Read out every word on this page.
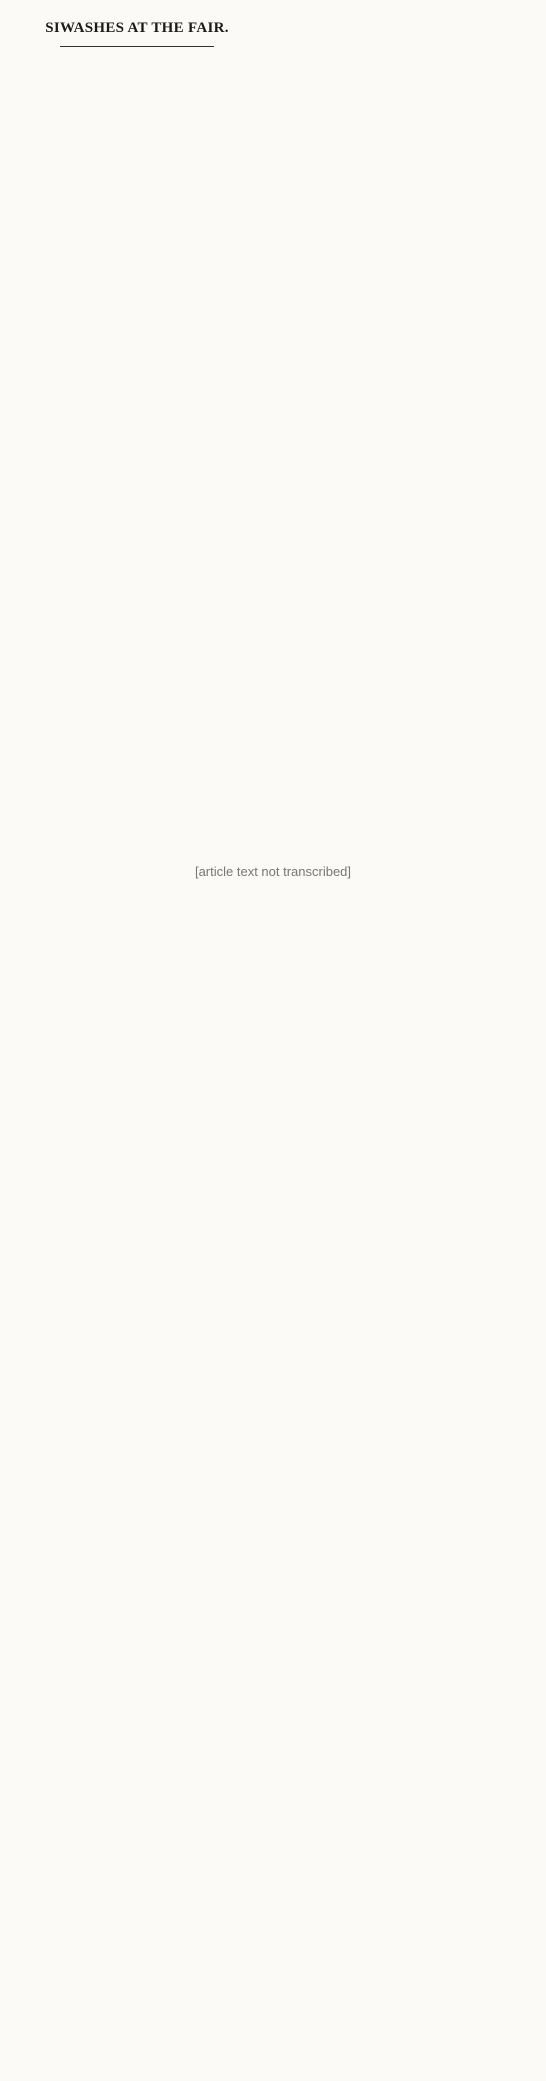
SIWASHES AT THE FAIR.
[article text not transcribed]
